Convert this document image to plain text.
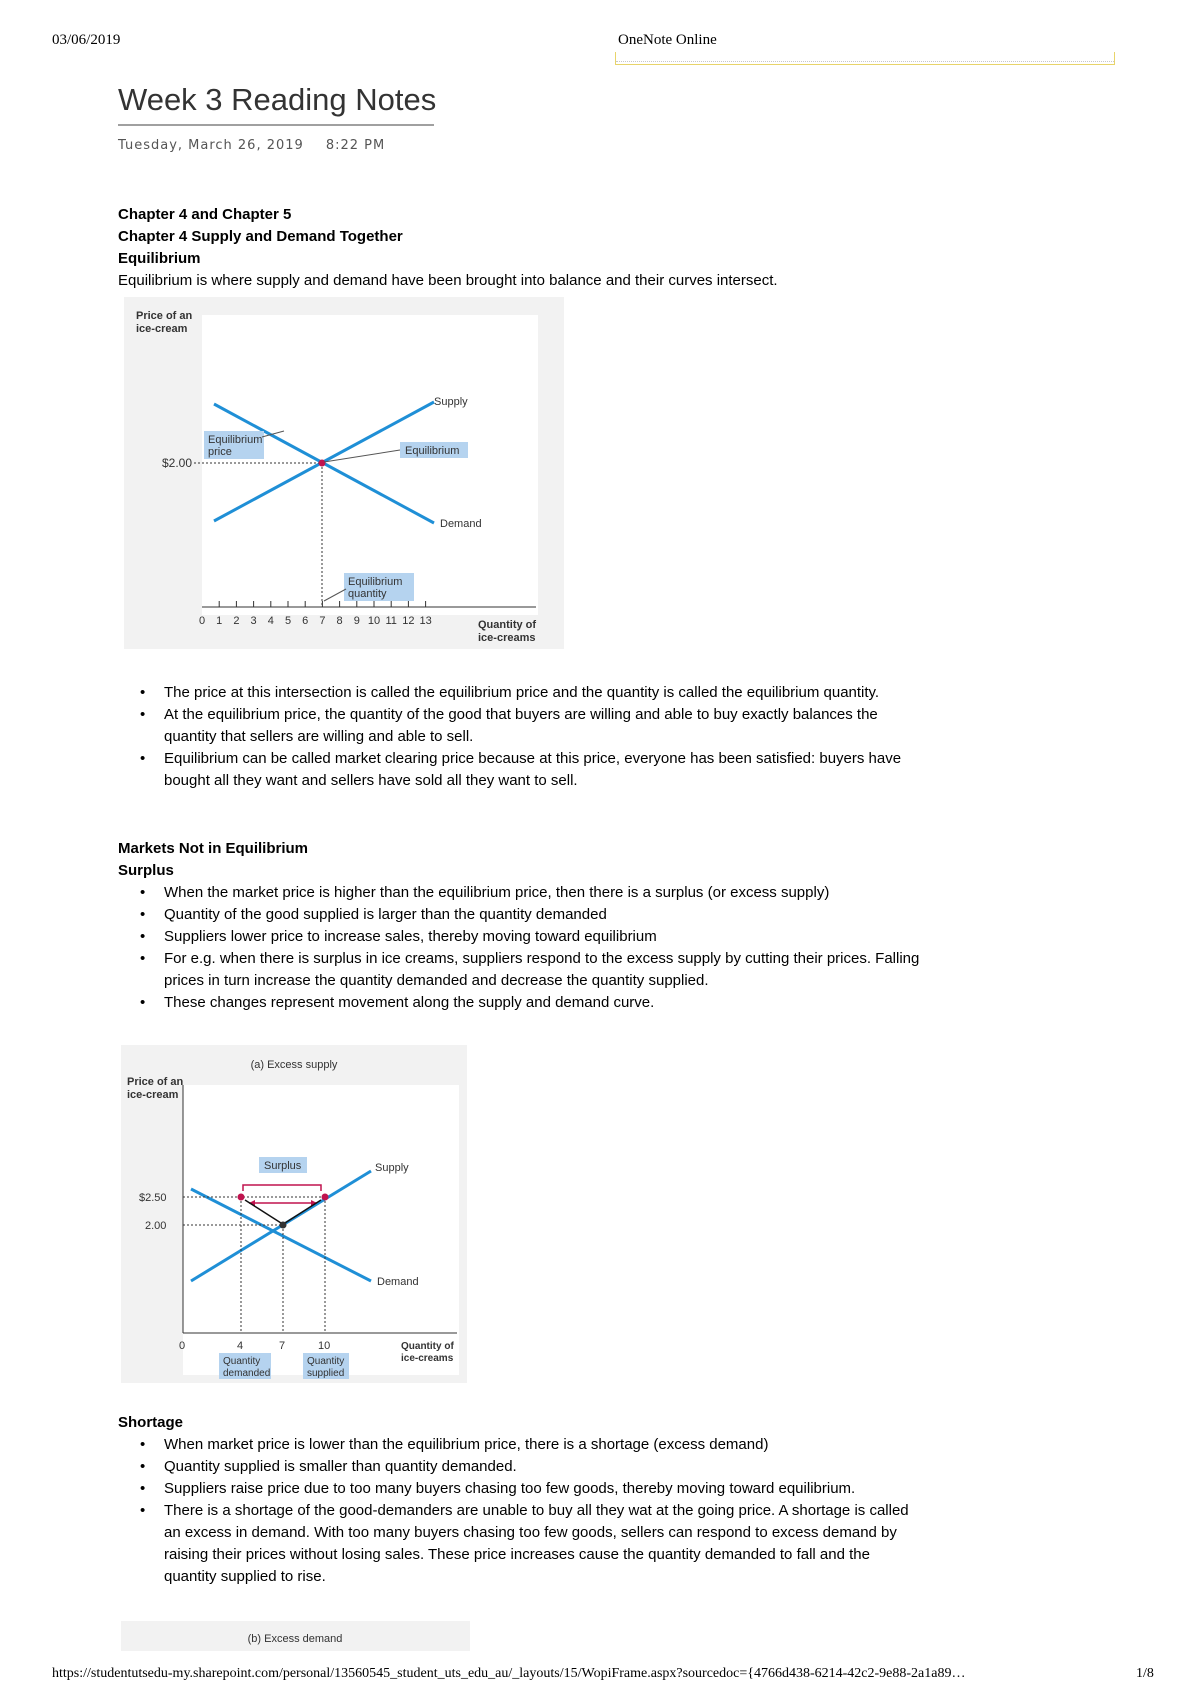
03/06/2019	OneNote Online
Week 3 Reading Notes
Tuesday, March 26, 2019 8:22 PM
Chapter 4 and Chapter 5
Chapter 4 Supply and Demand Together
Equilibrium
Equilibrium is where supply and demand have been brought into balance and their curves intersect.
Price of an
ice-cream
0 1 2 3 4 5 6 7 8 9 10 11 12 13
Supply
Demand
Equilibrium
Equilibrium
price
$2.00
Equilibrium
quantity
Quantity of
ice-creams
• The price at this intersection is called the equilibrium price and the quantity is called the equilibrium quantity.
• At the equilibrium price, the quantity of the good that buyers are willing and able to buy exactly balances the quantity that sellers are willing and able to sell.
• Equilibrium can be called market clearing price because at this price, everyone has been satisfied: buyers have bought all they want and sellers have sold all they want to sell.
Markets Not in Equilibrium
Surplus
• When the market price is higher than the equilibrium price, then there is a surplus (or excess supply)
• Quantity of the good supplied is larger than the quantity demanded
• Suppliers lower price to increase sales, thereby moving toward equilibrium
• For e.g. when there is surplus in ice creams, suppliers respond to the excess supply by cutting their prices. Falling prices in turn increase the quantity demanded and decrease the quantity supplied.
• These changes represent movement along the supply and demand curve.
(a) Excess supply
Price of an
ice-cream
Surplus	Supply
Demand
$2.50
2.00
0	4	7	10
Quantity
demanded
Quantity
supplied
Quantity of
ice-creams
Shortage
• When market price is lower than the equilibrium price, there is a shortage (excess demand)
• Quantity supplied is smaller than quantity demanded.
• Suppliers raise price due to too many buyers chasing too few goods, thereby moving toward equilibrium.
• There is a shortage of the good-demanders are unable to buy all they wat at the going price. A shortage is called an excess in demand. With too many buyers chasing too few goods, sellers can respond to excess demand by raising their prices without losing sales. These price increases cause the quantity demanded to fall and the quantity supplied to rise.
(b) Excess demand
https://studentutsedu-my.sharepoint.com/personal/13560545_student_uts_edu_au/_layouts/15/WopiFrame.aspx?sourcedoc={4766d438-6214-42c2-9e88-2a1a89…	1/8
